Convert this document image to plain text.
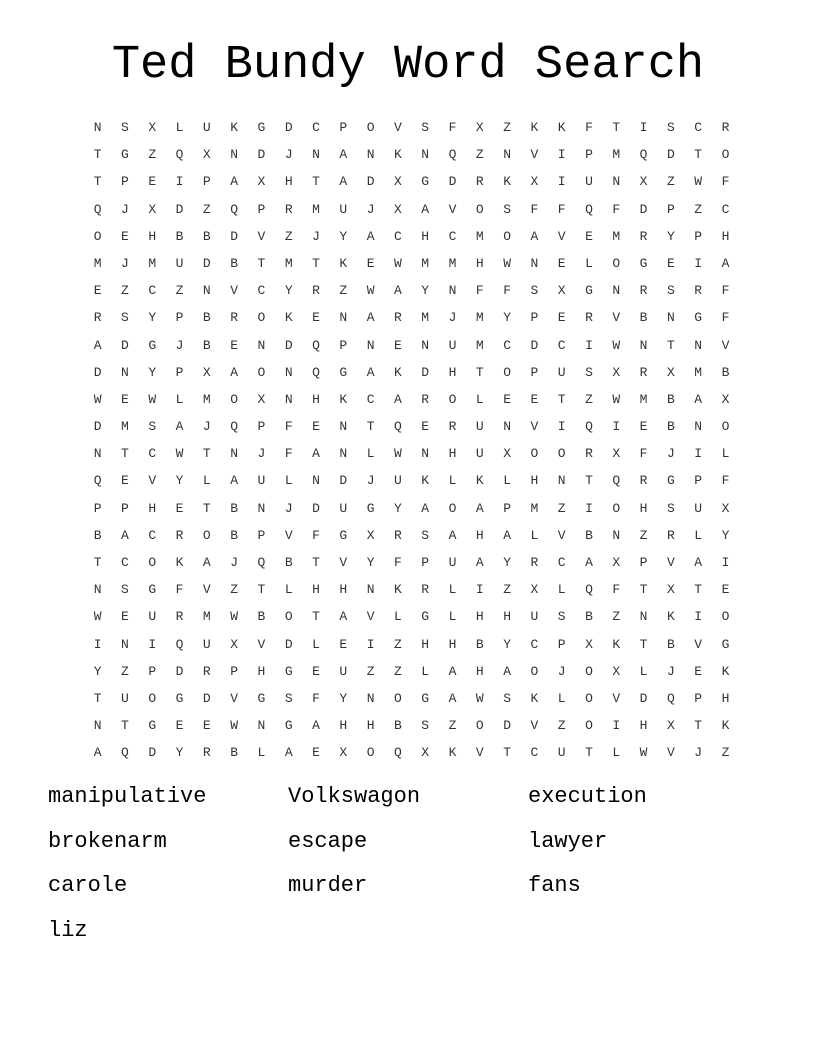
Ted Bundy Word Search
N	S	X	L	U	K	G	D	C	P	O	V	S	F	X	Z	K	K	F	T	I	S	C	R
T	G	Z	Q	X	N	D	J	N	A	N	K	N	Q	Z	N	V	I	P	M	Q	D	T	O
T	P	E	I	P	A	X	H	T	A	D	X	G	D	R	K	X	I	U	N	X	Z	W	F
Q	J	X	D	Z	Q	P	R	M	U	J	X	A	V	O	S	F	F	Q	F	D	P	Z	C
O	E	H	B	B	D	V	Z	J	Y	A	C	H	C	M	O	A	V	E	M	R	Y	P	H
M	J	M	U	D	B	T	M	T	K	E	W	M	M	H	W	N	E	L	O	G	E	I	A
E	Z	C	Z	N	V	C	Y	R	Z	W	A	Y	N	F	F	S	X	G	N	R	S	R	F
R	S	Y	P	B	R	O	K	E	N	A	R	M	J	M	Y	P	E	R	V	B	N	G	F
A	D	G	J	B	E	N	D	Q	P	N	E	N	U	M	C	D	C	I	W	N	T	N	V
D	N	Y	P	X	A	O	N	Q	G	A	K	D	H	T	O	P	U	S	X	R	X	M	B
W	E	W	L	M	O	X	N	H	K	C	A	R	O	L	E	E	T	Z	W	M	B	A	X
D	M	S	A	J	Q	P	F	E	N	T	Q	E	R	U	N	V	I	Q	I	E	B	N	O
N	T	C	W	T	N	J	F	A	N	L	W	N	H	U	X	O	O	R	X	F	J	I	L
Q	E	V	Y	L	A	U	L	N	D	J	U	K	L	K	L	H	N	T	Q	R	G	P	F
P	P	H	E	T	B	N	J	D	U	G	Y	A	O	A	P	M	Z	I	O	H	S	U	X
B	A	C	R	O	B	P	V	F	G	X	R	S	A	H	A	L	V	B	N	Z	R	L	Y
T	C	O	K	A	J	Q	B	T	V	Y	F	P	U	A	Y	R	C	A	X	P	V	A	I
N	S	G	F	V	Z	T	L	H	H	N	K	R	L	I	Z	X	L	Q	F	T	X	T	E
W	E	U	R	M	W	B	O	T	A	V	L	G	L	H	H	U	S	B	Z	N	K	I	O
I	N	I	Q	U	X	V	D	L	E	I	Z	H	H	B	Y	C	P	X	K	T	B	V	G
Y	Z	P	D	R	P	H	G	E	U	Z	Z	L	A	H	A	O	J	O	X	L	J	E	K
T	U	O	G	D	V	G	S	F	Y	N	O	G	A	W	S	K	L	O	V	D	Q	P	H
N	T	G	E	E	W	N	G	A	H	H	B	S	Z	O	D	V	Z	O	I	H	X	T	K
A	Q	D	Y	R	B	L	A	E	X	O	Q	X	K	V	T	C	U	T	L	W	V	J	Z
manipulative	Volkswagon	execution
brokenarm	escape	lawyer
carole	murder	fans
liz
